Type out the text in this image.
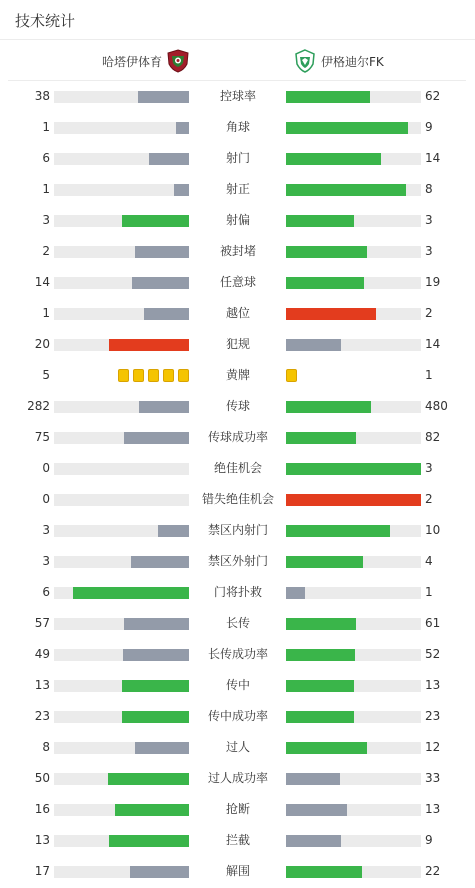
技术统计
哈塔伊体育	伊格迪尔FK
38	控球率	62
1	角球	9
6	射门	14
1	射正	8
3	射偏	3
2	被封堵	3
14	任意球	19
1	越位	2
20	犯规	14
5	黄牌	1
282	传球	480
75	传球成功率	82
0	绝佳机会	3
0	错失绝佳机会	2
3	禁区内射门	10
3	禁区外射门	4
6	门将扑救	1
57	长传	61
49	长传成功率	52
13	传中	13
23	传中成功率	23
8	过人	12
50	过人成功率	33
16	抢断	13
13	拦截	9
17	解围	22
